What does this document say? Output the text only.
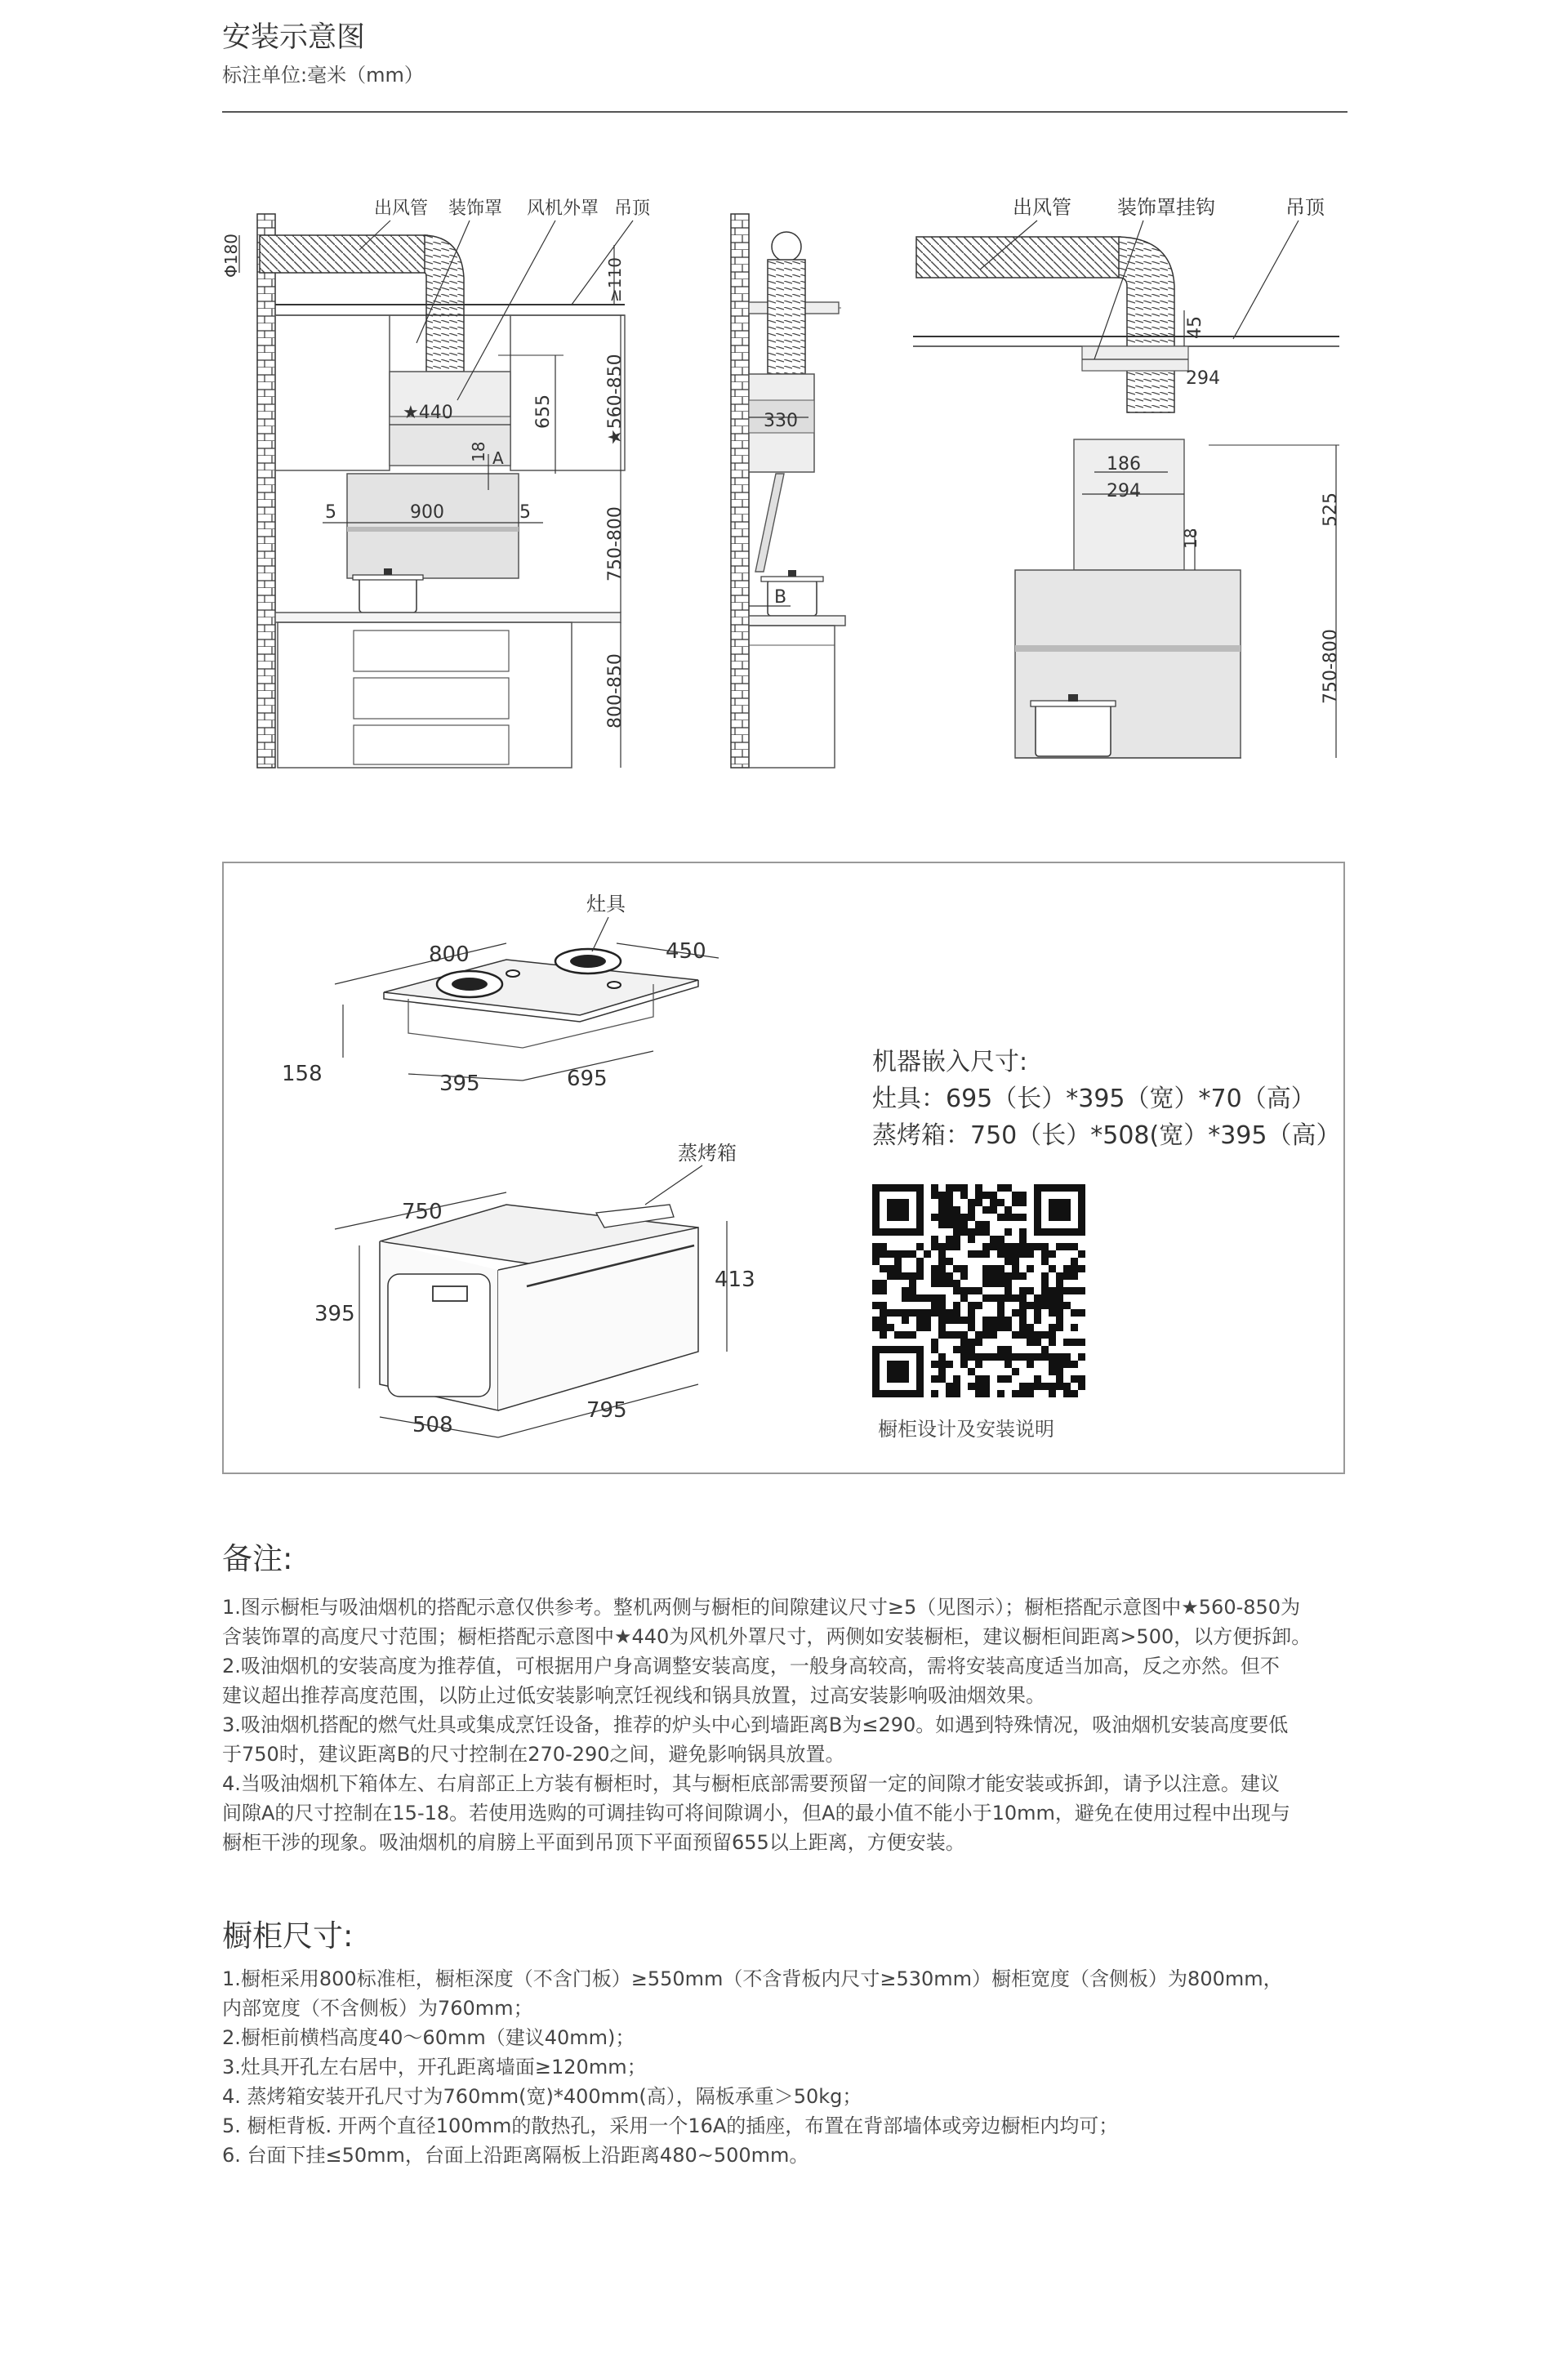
安装示意图
标注单位:毫米（mm）
出风管 装饰罩 风机外罩 吊顶
Φ180
≥110
★440	655	★560-850
18 A
5	900	5	750-800
800-850
330
B
出风管 装饰罩挂钩	吊顶
45
294
186
294
525
18
750-800
灶具
800	450
158	395	695
蒸烤箱
750
395
413
508
795
机器嵌入尺寸:
灶具：695（长）*395（宽）*70（高）
蒸烤箱：750（长）*508(宽）*395（高）
橱柜设计及安装说明
备注:

1.图示橱柜与吸油烟机的搭配示意仅供参考。整机两侧与橱柜的间隙建议尺寸≥5（见图示）；橱柜搭配示意图中★560-850为

含装饰罩的高度尺寸范围；橱柜搭配示意图中★440为风机外罩尺寸，两侧如安装橱柜，建议橱柜间距离>500，以方便拆卸。

2.吸油烟机的安装高度为推荐值，可根据用户身高调整安装高度，一般身高较高，需将安装高度适当加高，反之亦然。但不

建议超出推荐高度范围，以防止过低安装影响烹饪视线和锅具放置，过高安装影响吸油烟效果。

3.吸油烟机搭配的燃气灶具或集成烹饪设备，推荐的炉头中心到墙距离B为≤290。如遇到特殊情况，吸油烟机安装高度要低

于750时，建议距离B的尺寸控制在270-290之间，避免影响锅具放置。

4.当吸油烟机下箱体左、右肩部正上方装有橱柜时，其与橱柜底部需要预留一定的间隙才能安装或拆卸，请予以注意。建议

间隙A的尺寸控制在15-18。若使用选购的可调挂钩可将间隙调小，但A的最小值不能小于10mm，避免在使用过程中出现与

橱柜干涉的现象。吸油烟机的肩膀上平面到吊顶下平面预留655以上距离，方便安装。

橱柜尺寸:

1.橱柜采用800标准柜，橱柜深度（不含门板）≥550mm（不含背板内尺寸≥530mm）橱柜宽度（含侧板）为800mm，

内部宽度（不含侧板）为760mm；

2.橱柜前横档高度40～60mm（建议40mm)；

3.灶具开孔左右居中，开孔距离墙面≥120mm；

4. 蒸烤箱安装开孔尺寸为760mm(宽)*400mm(高），隔板承重＞50kg；

5. 橱柜背板. 开两个直径100mm的散热孔，采用一个16A的插座，布置在背部墙体或旁边橱柜内均可；

6. 台面下挂≤50mm，台面上沿距离隔板上沿距离480~500mm。
